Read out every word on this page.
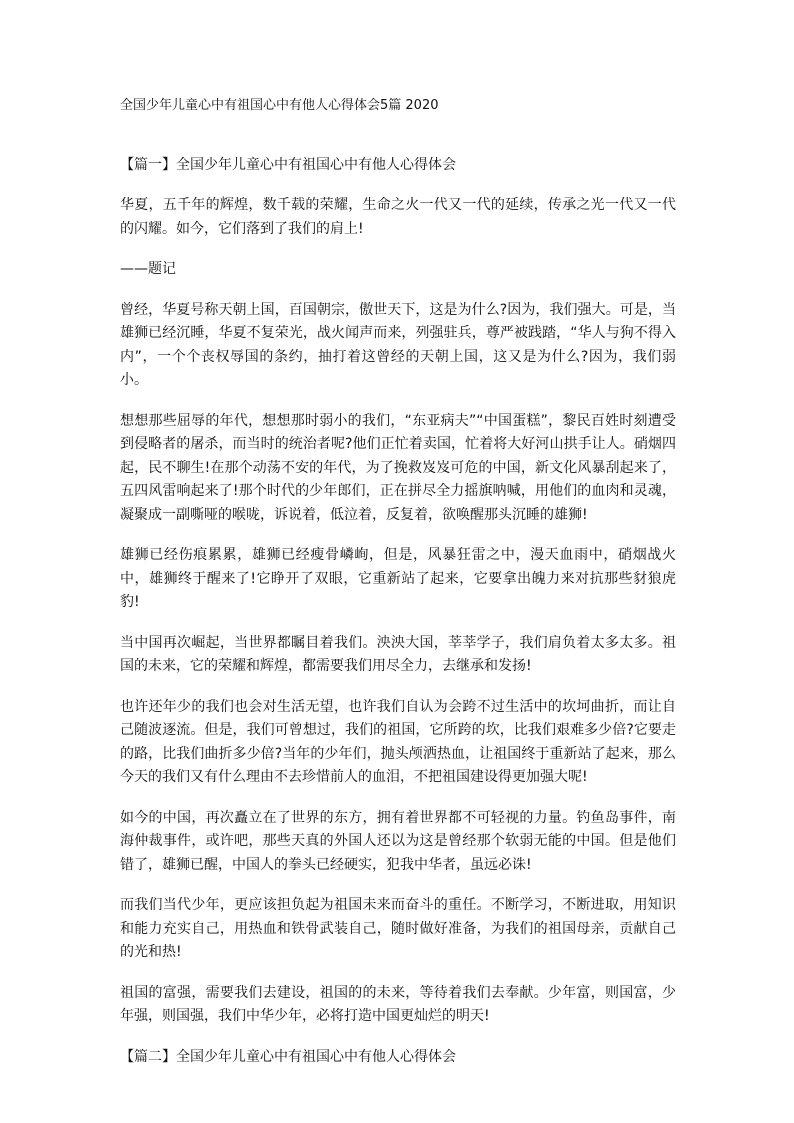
全国少年儿童心中有祖国心中有他人心得体会5篇 2020
【篇一】全国少年儿童心中有祖国心中有他人心得体会

华夏，五千年的辉煌，数千载的荣耀，生命之火一代又一代的延续，传承之光一代又一代的闪耀。如今，它们落到了我们的肩上!

——题记

曾经，华夏号称天朝上国，百国朝宗，傲世天下，这是为什么?因为，我们强大。可是，当雄狮已经沉睡，华夏不复荣光，战火闻声而来，列强驻兵，尊严被践踏，“华人与狗不得入内”，一个个丧权辱国的条约，抽打着这曾经的天朝上国，这又是为什么?因为，我们弱小。

想想那些屈辱的年代，想想那时弱小的我们，“东亚病夫”“中国蛋糕”，黎民百姓时刻遭受到侵略者的屠杀，而当时的统治者呢?他们正忙着卖国，忙着将大好河山拱手让人。硝烟四起，民不聊生!在那个动荡不安的年代，为了挽救岌岌可危的中国，新文化风暴刮起来了，五四风雷响起来了!那个时代的少年郎们，正在拼尽全力摇旗呐喊，用他们的血肉和灵魂，凝聚成一副嘶哑的喉咙，诉说着，低泣着，反复着，欲唤醒那头沉睡的雄狮!

雄狮已经伤痕累累，雄狮已经瘦骨嶙峋，但是，风暴狂雷之中，漫天血雨中，硝烟战火中，雄狮终于醒来了!它睁开了双眼，它重新站了起来，它要拿出魄力来对抗那些豺狼虎豹!

当中国再次崛起，当世界都瞩目着我们。泱泱大国，莘莘学子，我们肩负着太多太多。祖国的未来，它的荣耀和辉煌，都需要我们用尽全力，去继承和发扬!

也许还年少的我们也会对生活无望，也许我们自认为会跨不过生活中的坎坷曲折，而让自己随波逐流。但是，我们可曾想过，我们的祖国，它所跨的坎，比我们艰难多少倍?它要走的路，比我们曲折多少倍?当年的少年们，抛头颅洒热血，让祖国终于重新站了起来，那么今天的我们又有什么理由不去珍惜前人的血泪，不把祖国建设得更加强大呢!

如今的中国，再次矗立在了世界的东方，拥有着世界都不可轻视的力量。钓鱼岛事件，南海仲裁事件，或许吧，那些天真的外国人还以为这是曾经那个软弱无能的中国。但是他们错了，雄狮已醒，中国人的拳头已经硬实，犯我中华者，虽远必诛!

而我们当代少年，更应该担负起为祖国未来而奋斗的重任。不断学习，不断进取，用知识和能力充实自己，用热血和铁骨武装自己，随时做好准备，为我们的祖国母亲，贡献自己的光和热!

祖国的富强，需要我们去建设，祖国的的未来，等待着我们去奉献。少年富，则国富，少年强，则国强，我们中华少年，必将打造中国更灿烂的明天!

【篇二】全国少年儿童心中有祖国心中有他人心得体会
